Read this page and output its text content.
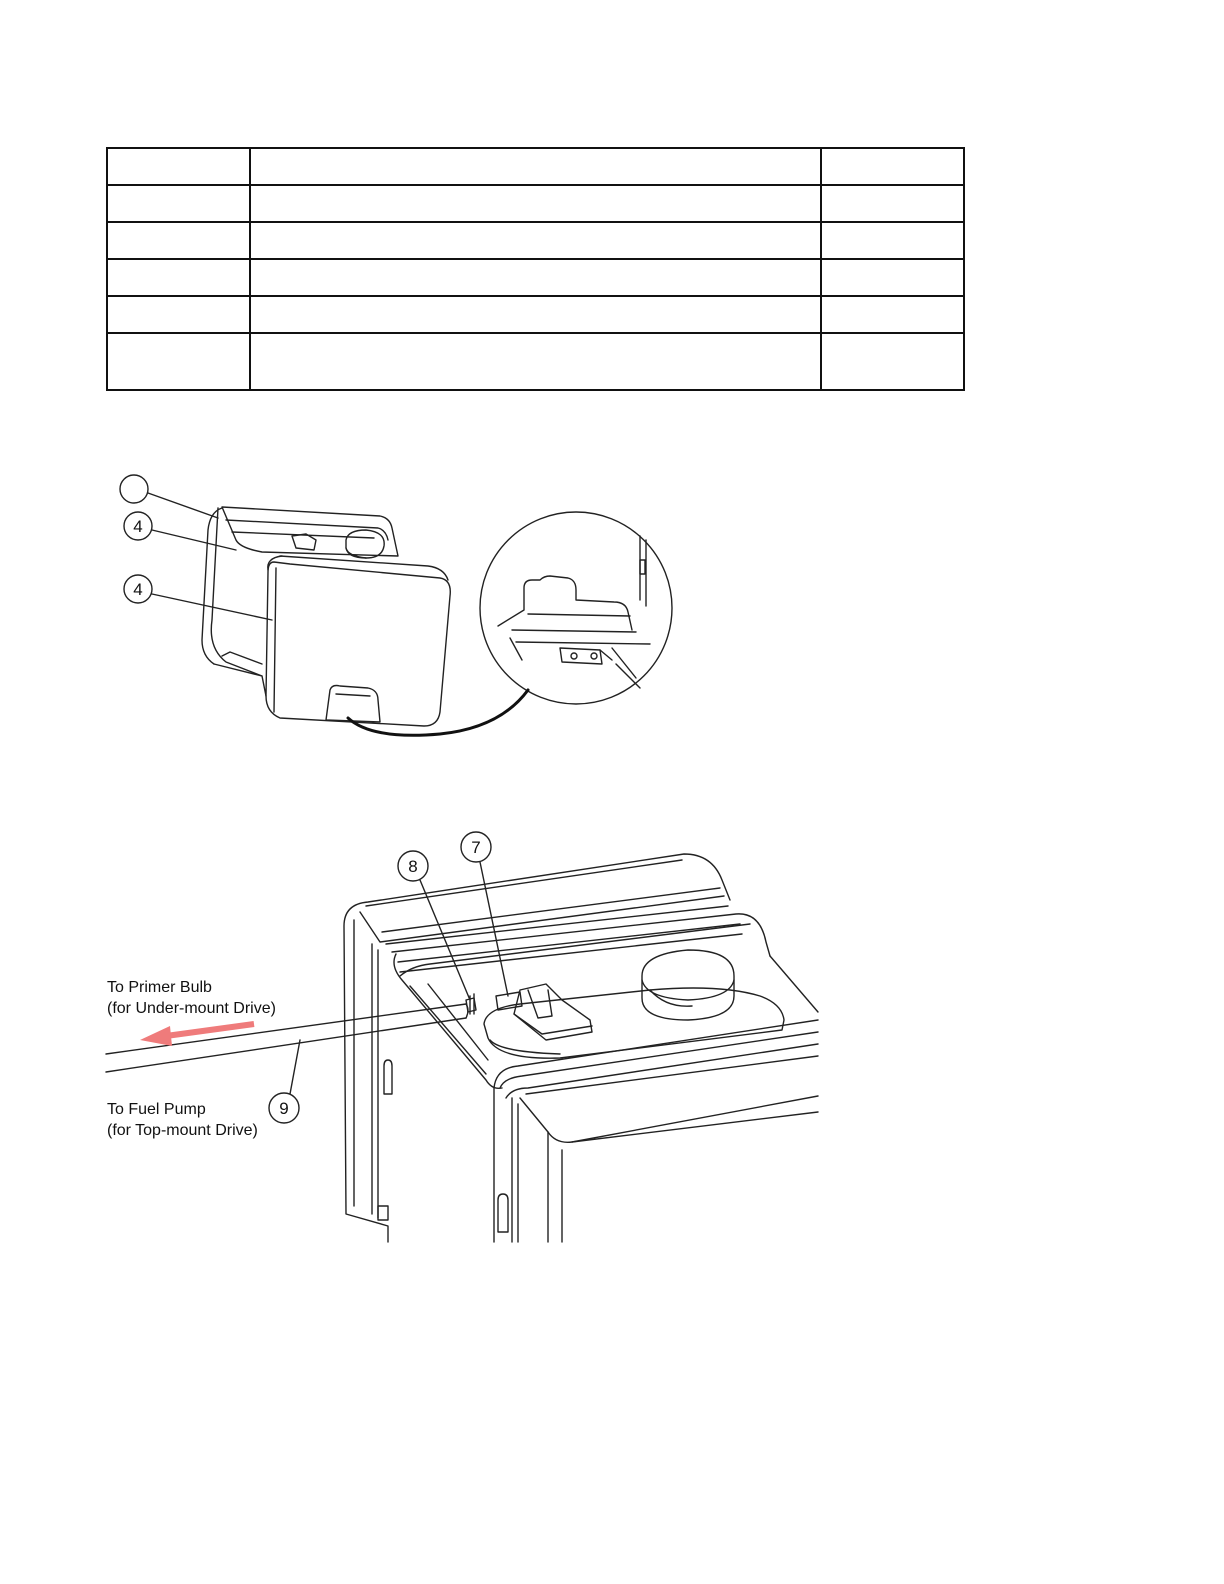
4
4
8
7
9
To Primer Bulb
(for Under-mount Drive)
To Fuel Pump
(for Top-mount Drive)
